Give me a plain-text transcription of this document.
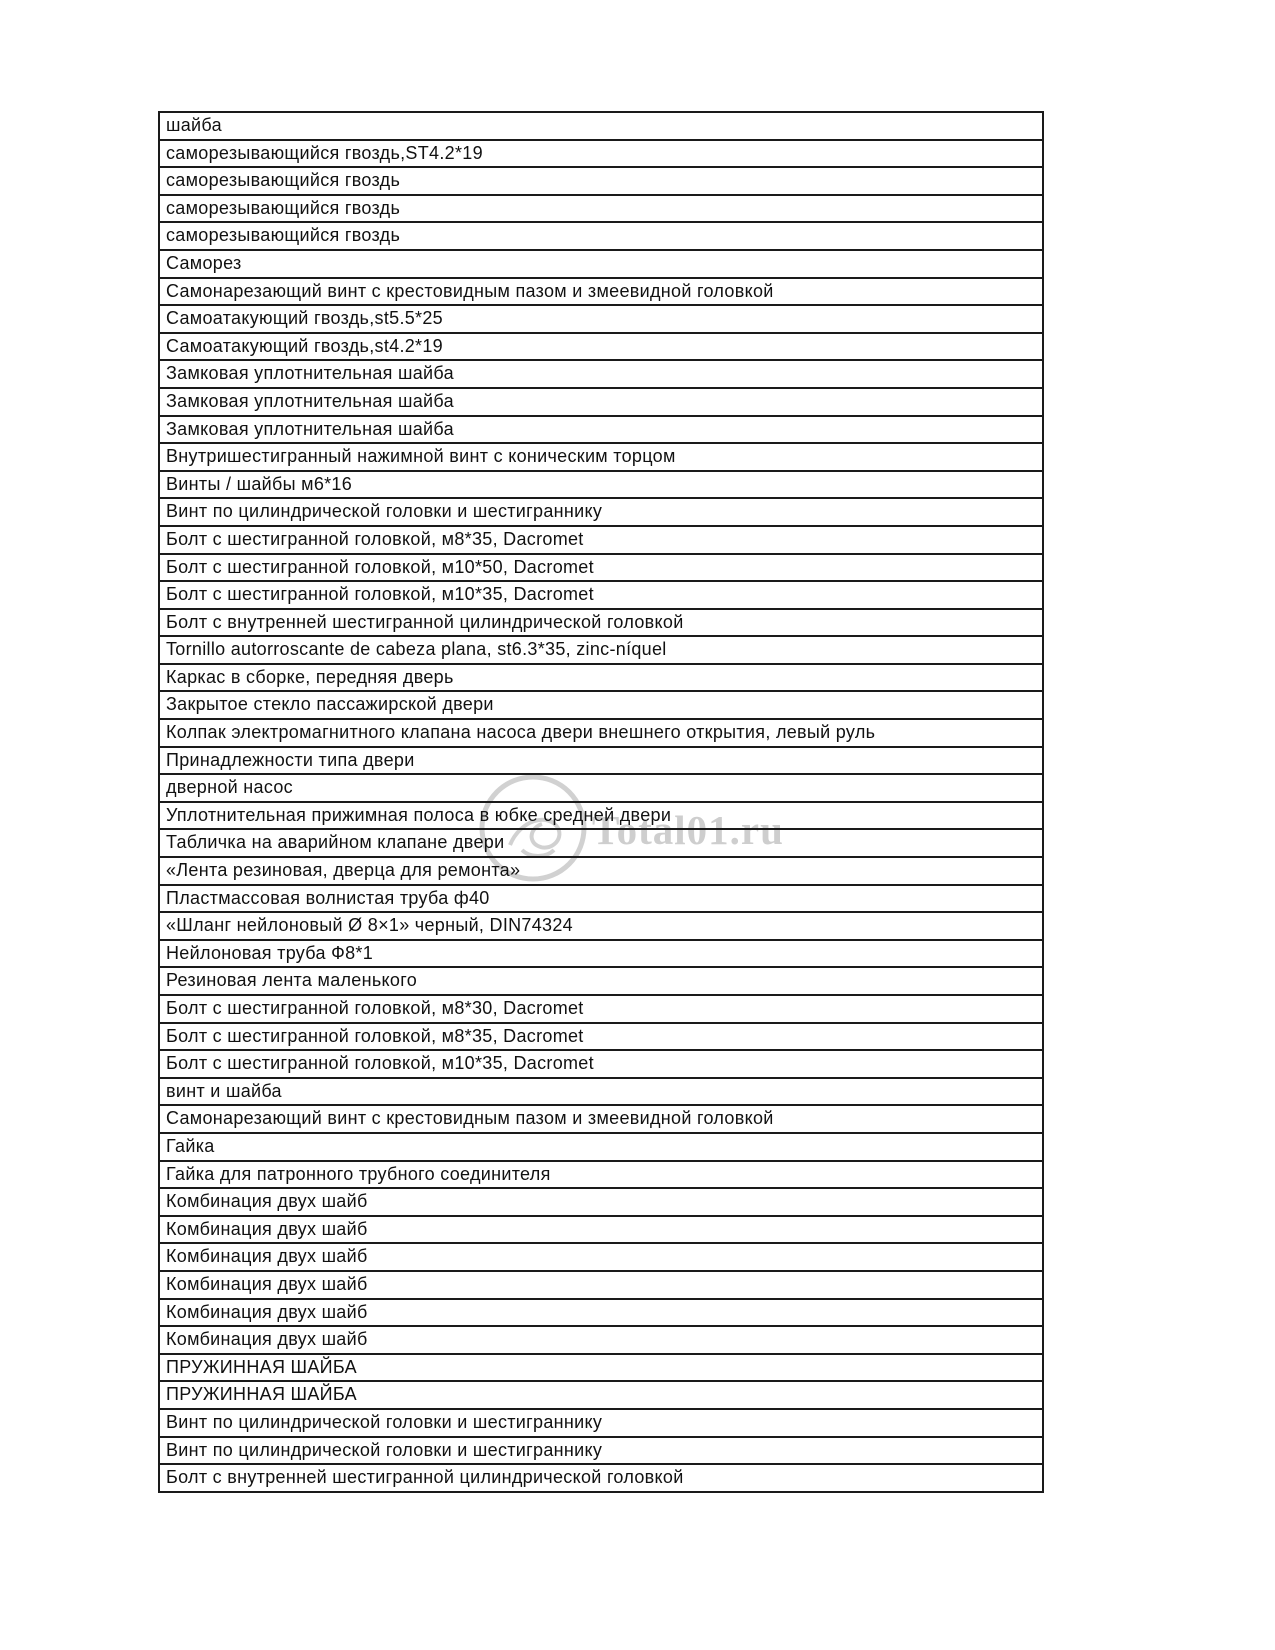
Total01.ru
шайба
саморезывающийся гвоздь,ST4.2*19
саморезывающийся гвоздь
саморезывающийся гвоздь
саморезывающийся гвоздь
Саморез
Самонарезающий винт с крестовидным пазом и змеевидной головкой
Самоатакующий гвоздь,st5.5*25
Самоатакующий гвоздь,st4.2*19
Замковая уплотнительная шайба
Замковая уплотнительная шайба
Замковая уплотнительная шайба
Внутришестигранный нажимной винт с коническим торцом
Винты / шайбы м6*16
Винт по цилиндрической головки и шестиграннику
Болт с шестигранной головкой, м8*35, Dacromet
Болт с шестигранной головкой, м10*50, Dacromet
Болт с шестигранной головкой, м10*35, Dacromet
Болт с внутренней шестигранной цилиндрической головкой
Tornillo autorroscante de cabeza plana, st6.3*35, zinc-níquel
Каркас в сборке, передняя дверь
Закрытое стекло пассажирской двери
Колпак электромагнитного клапана насоса двери внешнего открытия, левый руль
Принадлежности типа двери
дверной насос
Уплотнительная прижимная полоса в юбке средней двери
Табличка на аварийном клапане двери
«Лента резиновая, дверца для ремонта»
Пластмассовая волнистая труба ф40
«Шланг нейлоновый Ø 8×1» черный, DIN74324
Нейлоновая труба Ф8*1
Резиновая лента маленького
Болт с шестигранной головкой, м8*30, Dacromet
Болт с шестигранной головкой, м8*35, Dacromet
Болт с шестигранной головкой, м10*35, Dacromet
винт и шайба
Самонарезающий винт с крестовидным пазом и змеевидной головкой
Гайка
Гайка для патронного трубного соединителя
Комбинация двух шайб
Комбинация двух шайб
Комбинация двух шайб
Комбинация двух шайб
Комбинация двух шайб
Комбинация двух шайб
ПРУЖИННАЯ ШАЙБА
ПРУЖИННАЯ ШАЙБА
Винт по цилиндрической головки и шестиграннику
Винт по цилиндрической головки и шестиграннику
Болт с внутренней шестигранной цилиндрической головкой
